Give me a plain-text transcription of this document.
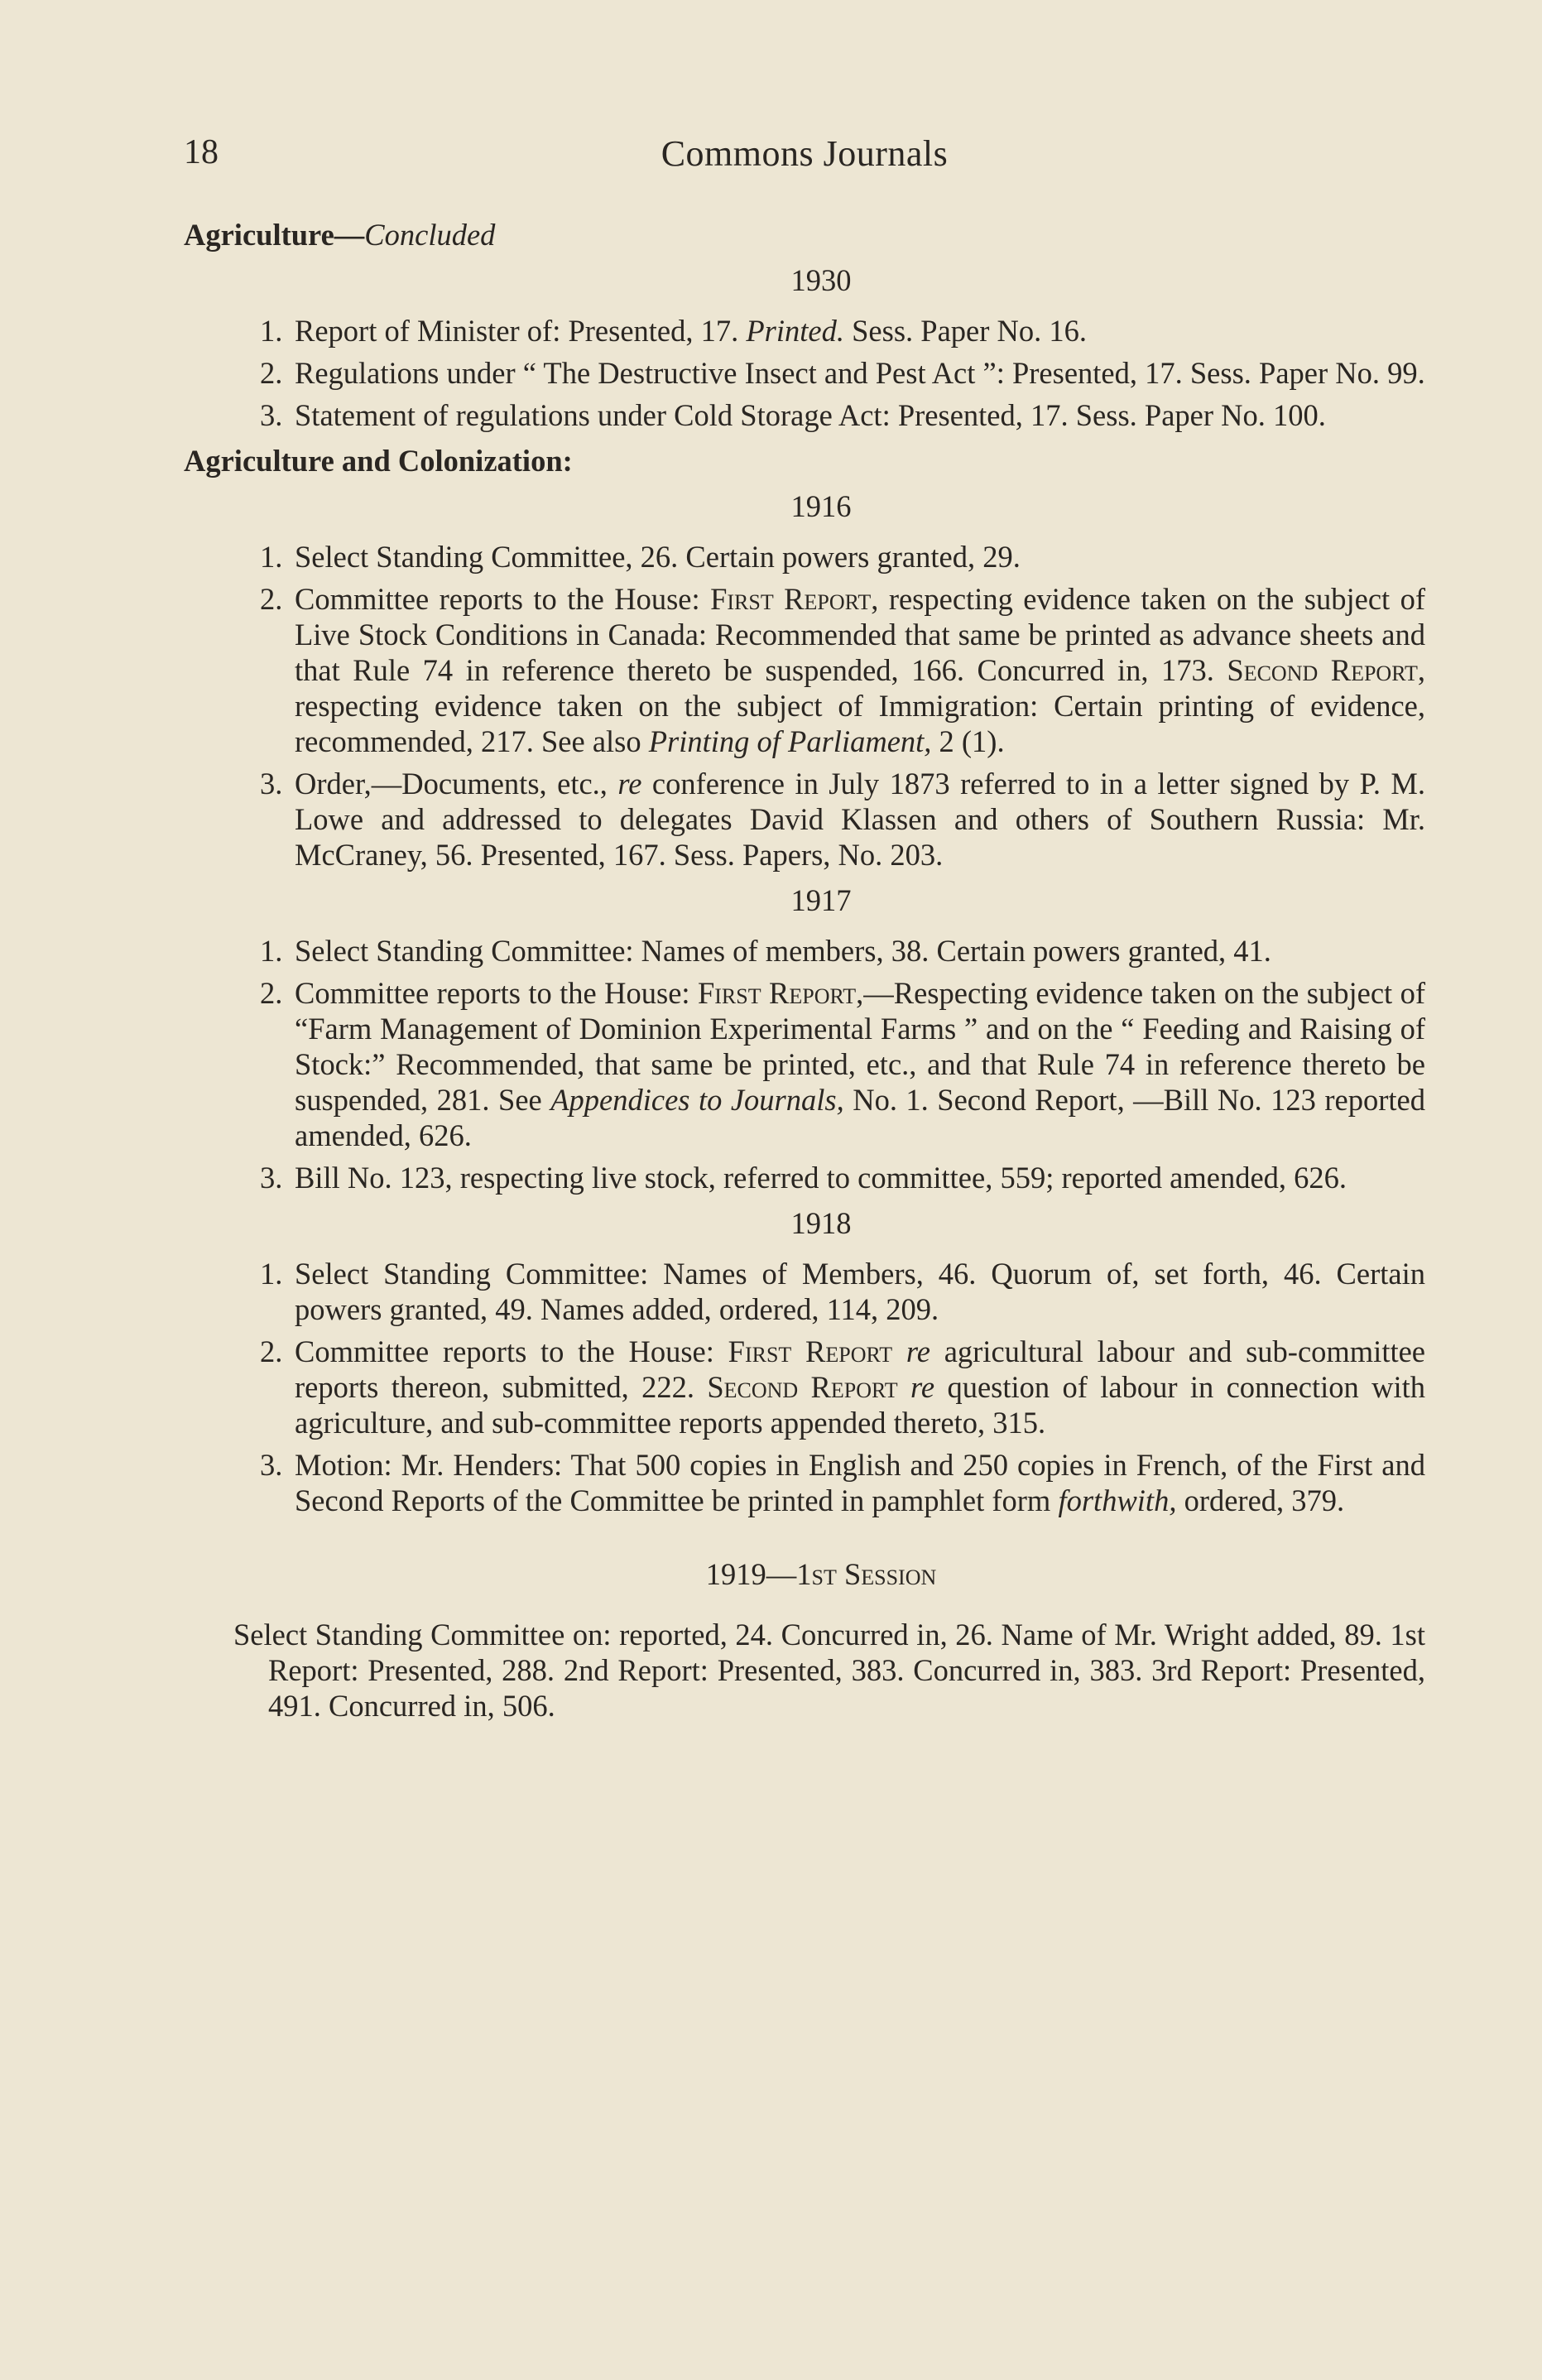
18	Commons Journals
Agriculture—Concluded
1930
1. Report of Minister of: Presented, 17. Printed. Sess. Paper No. 16.
2. Regulations under “ The Destructive Insect and Pest Act ”: Presented, 17. Sess. Paper No. 99.
3. Statement of regulations under Cold Storage Act: Presented, 17. Sess. Paper No. 100.
Agriculture and Colonization:
1916
1. Select Standing Committee, 26. Certain powers granted, 29.
2. Committee reports to the House: First Report, respecting evidence taken on the subject of Live Stock Conditions in Canada: Recommended that same be printed as advance sheets and that Rule 74 in reference thereto be suspended, 166. Concurred in, 173. Second Report, respecting evidence taken on the subject of Immigration: Certain printing of evidence, recommended, 217. See also Printing of Parliament, 2 (1).
3. Order,—Documents, etc., re conference in July 1873 referred to in a letter signed by P. M. Lowe and addressed to delegates David Klassen and others of Southern Russia: Mr. McCraney, 56. Presented, 167. Sess. Papers, No. 203.
1917
1. Select Standing Committee: Names of members, 38. Certain powers granted, 41.
2. Committee reports to the House: First Report,—Respecting evidence taken on the subject of “Farm Management of Dominion Experimental Farms ” and on the “ Feeding and Raising of Stock:” Recommended, that same be printed, etc., and that Rule 74 in reference thereto be suspended, 281. See Appendices to Journals, No. 1. Second Report, —Bill No. 123 reported amended, 626.
3. Bill No. 123, respecting live stock, referred to committee, 559; reported amended, 626.
1918
1. Select Standing Committee: Names of Members, 46. Quorum of, set forth, 46. Certain powers granted, 49. Names added, ordered, 114, 209.
2. Committee reports to the House: First Report re agricultural labour and sub-committee reports thereon, submitted, 222. Second Report re question of labour in connection with agriculture, and sub-committee reports appended thereto, 315.
3. Motion: Mr. Henders: That 500 copies in English and 250 copies in French, of the First and Second Reports of the Committee be printed in pamphlet form forthwith, ordered, 379.
1919—1st Session

Select Standing Committee on: reported, 24. Concurred in, 26. Name of Mr. Wright added, 89. 1st Report: Presented, 288. 2nd Report: Presented, 383. Concurred in, 383. 3rd Report: Presented, 491. Concurred in, 506.
